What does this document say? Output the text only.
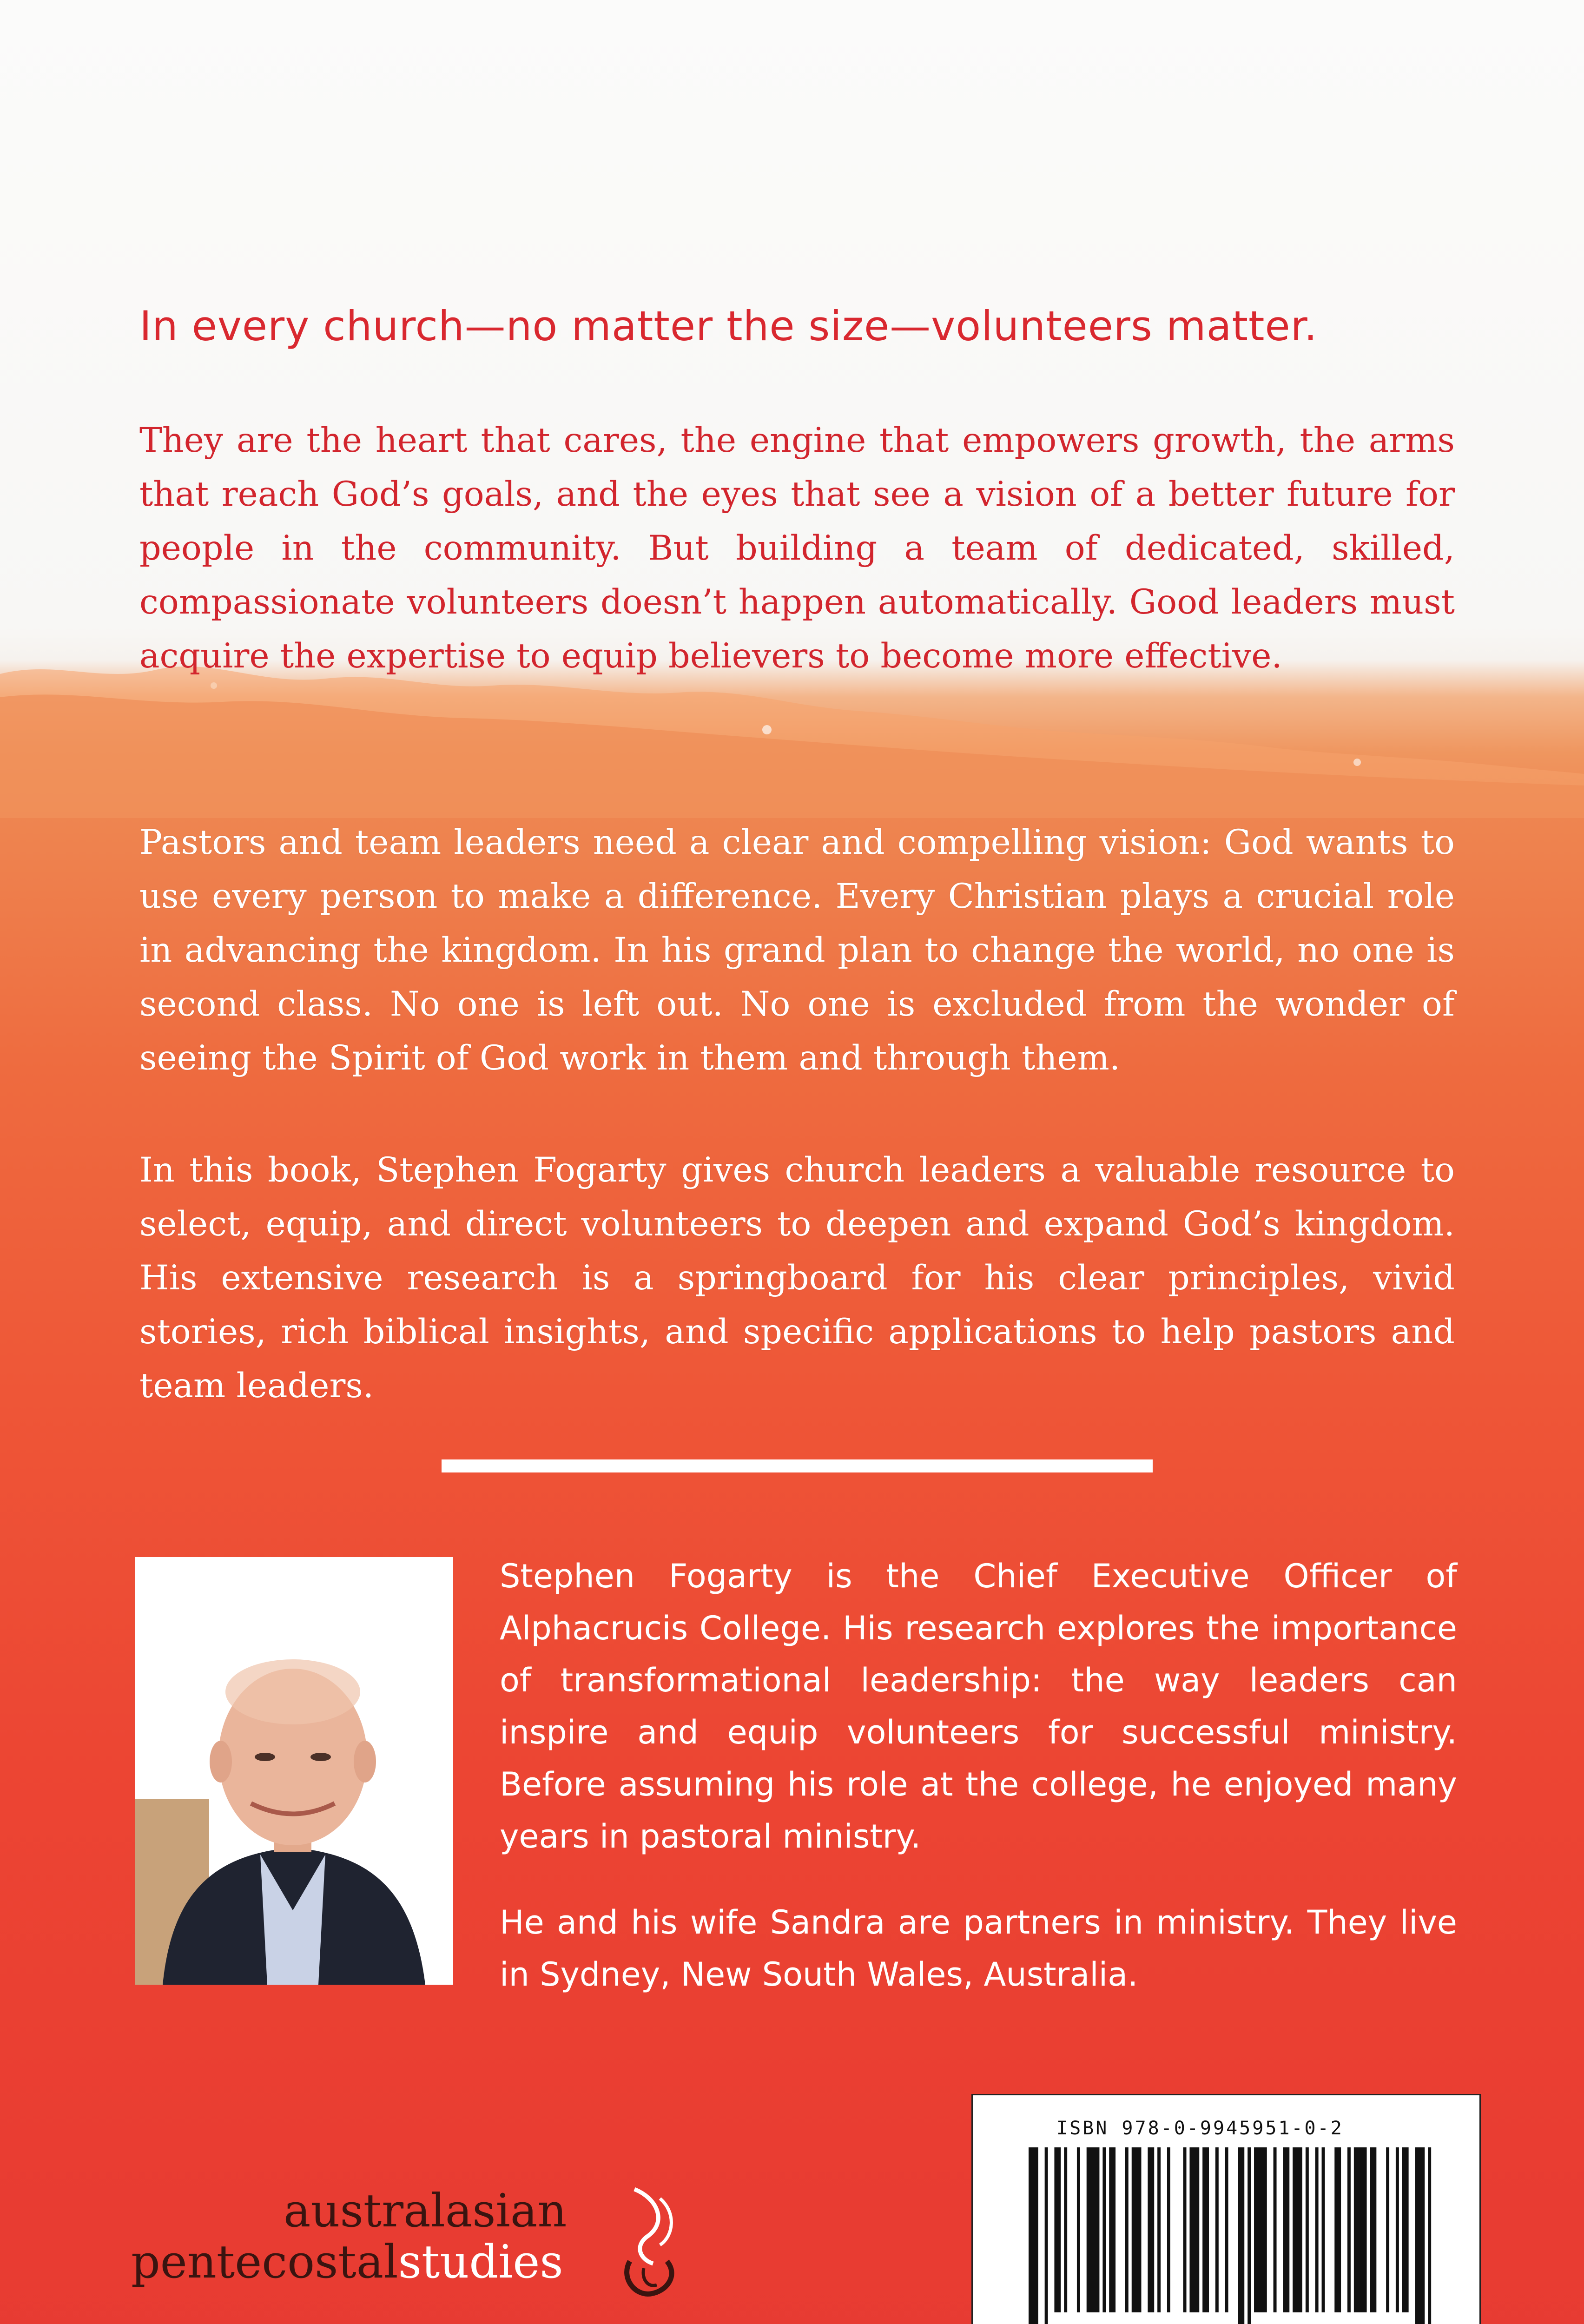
In every church—no matter the size—volunteers matter.
They are the heart that cares, the engine that empowers growth, the arms that reach God’s goals, and the eyes that see a vision of a better future for people in the community. But building a team of dedicated, skilled, compassionate volunteers doesn’t happen automatically. Good leaders must acquire the expertise to equip believers to become more effective.
Pastors and team leaders need a clear and compelling vision: God wants to use every person to make a difference. Every Christian plays a crucial role in advancing the kingdom. In his grand plan to change the world, no one is second class. No one is left out. No one is excluded from the wonder of seeing the Spirit of God work in them and through them.
In this book, Stephen Fogarty gives church leaders a valuable resource to select, equip, and direct volunteers to deepen and expand God’s kingdom. His extensive research is a springboard for his clear principles, vivid stories, rich biblical insights, and specific applications to help pastors and team leaders.
Stephen Fogarty is the Chief Executive Officer of Alphacrucis College. His research explores the importance of transformational leadership: the way leaders can inspire and equip volunteers for successful ministry. Before assuming his role at the college, he enjoyed many years in pastoral ministry.
He and his wife Sandra are partners in ministry. They live in Sydney, New South Wales, Australia.
ISBN 978-0-9945951-0-2
australasian
pentecostalstudies
